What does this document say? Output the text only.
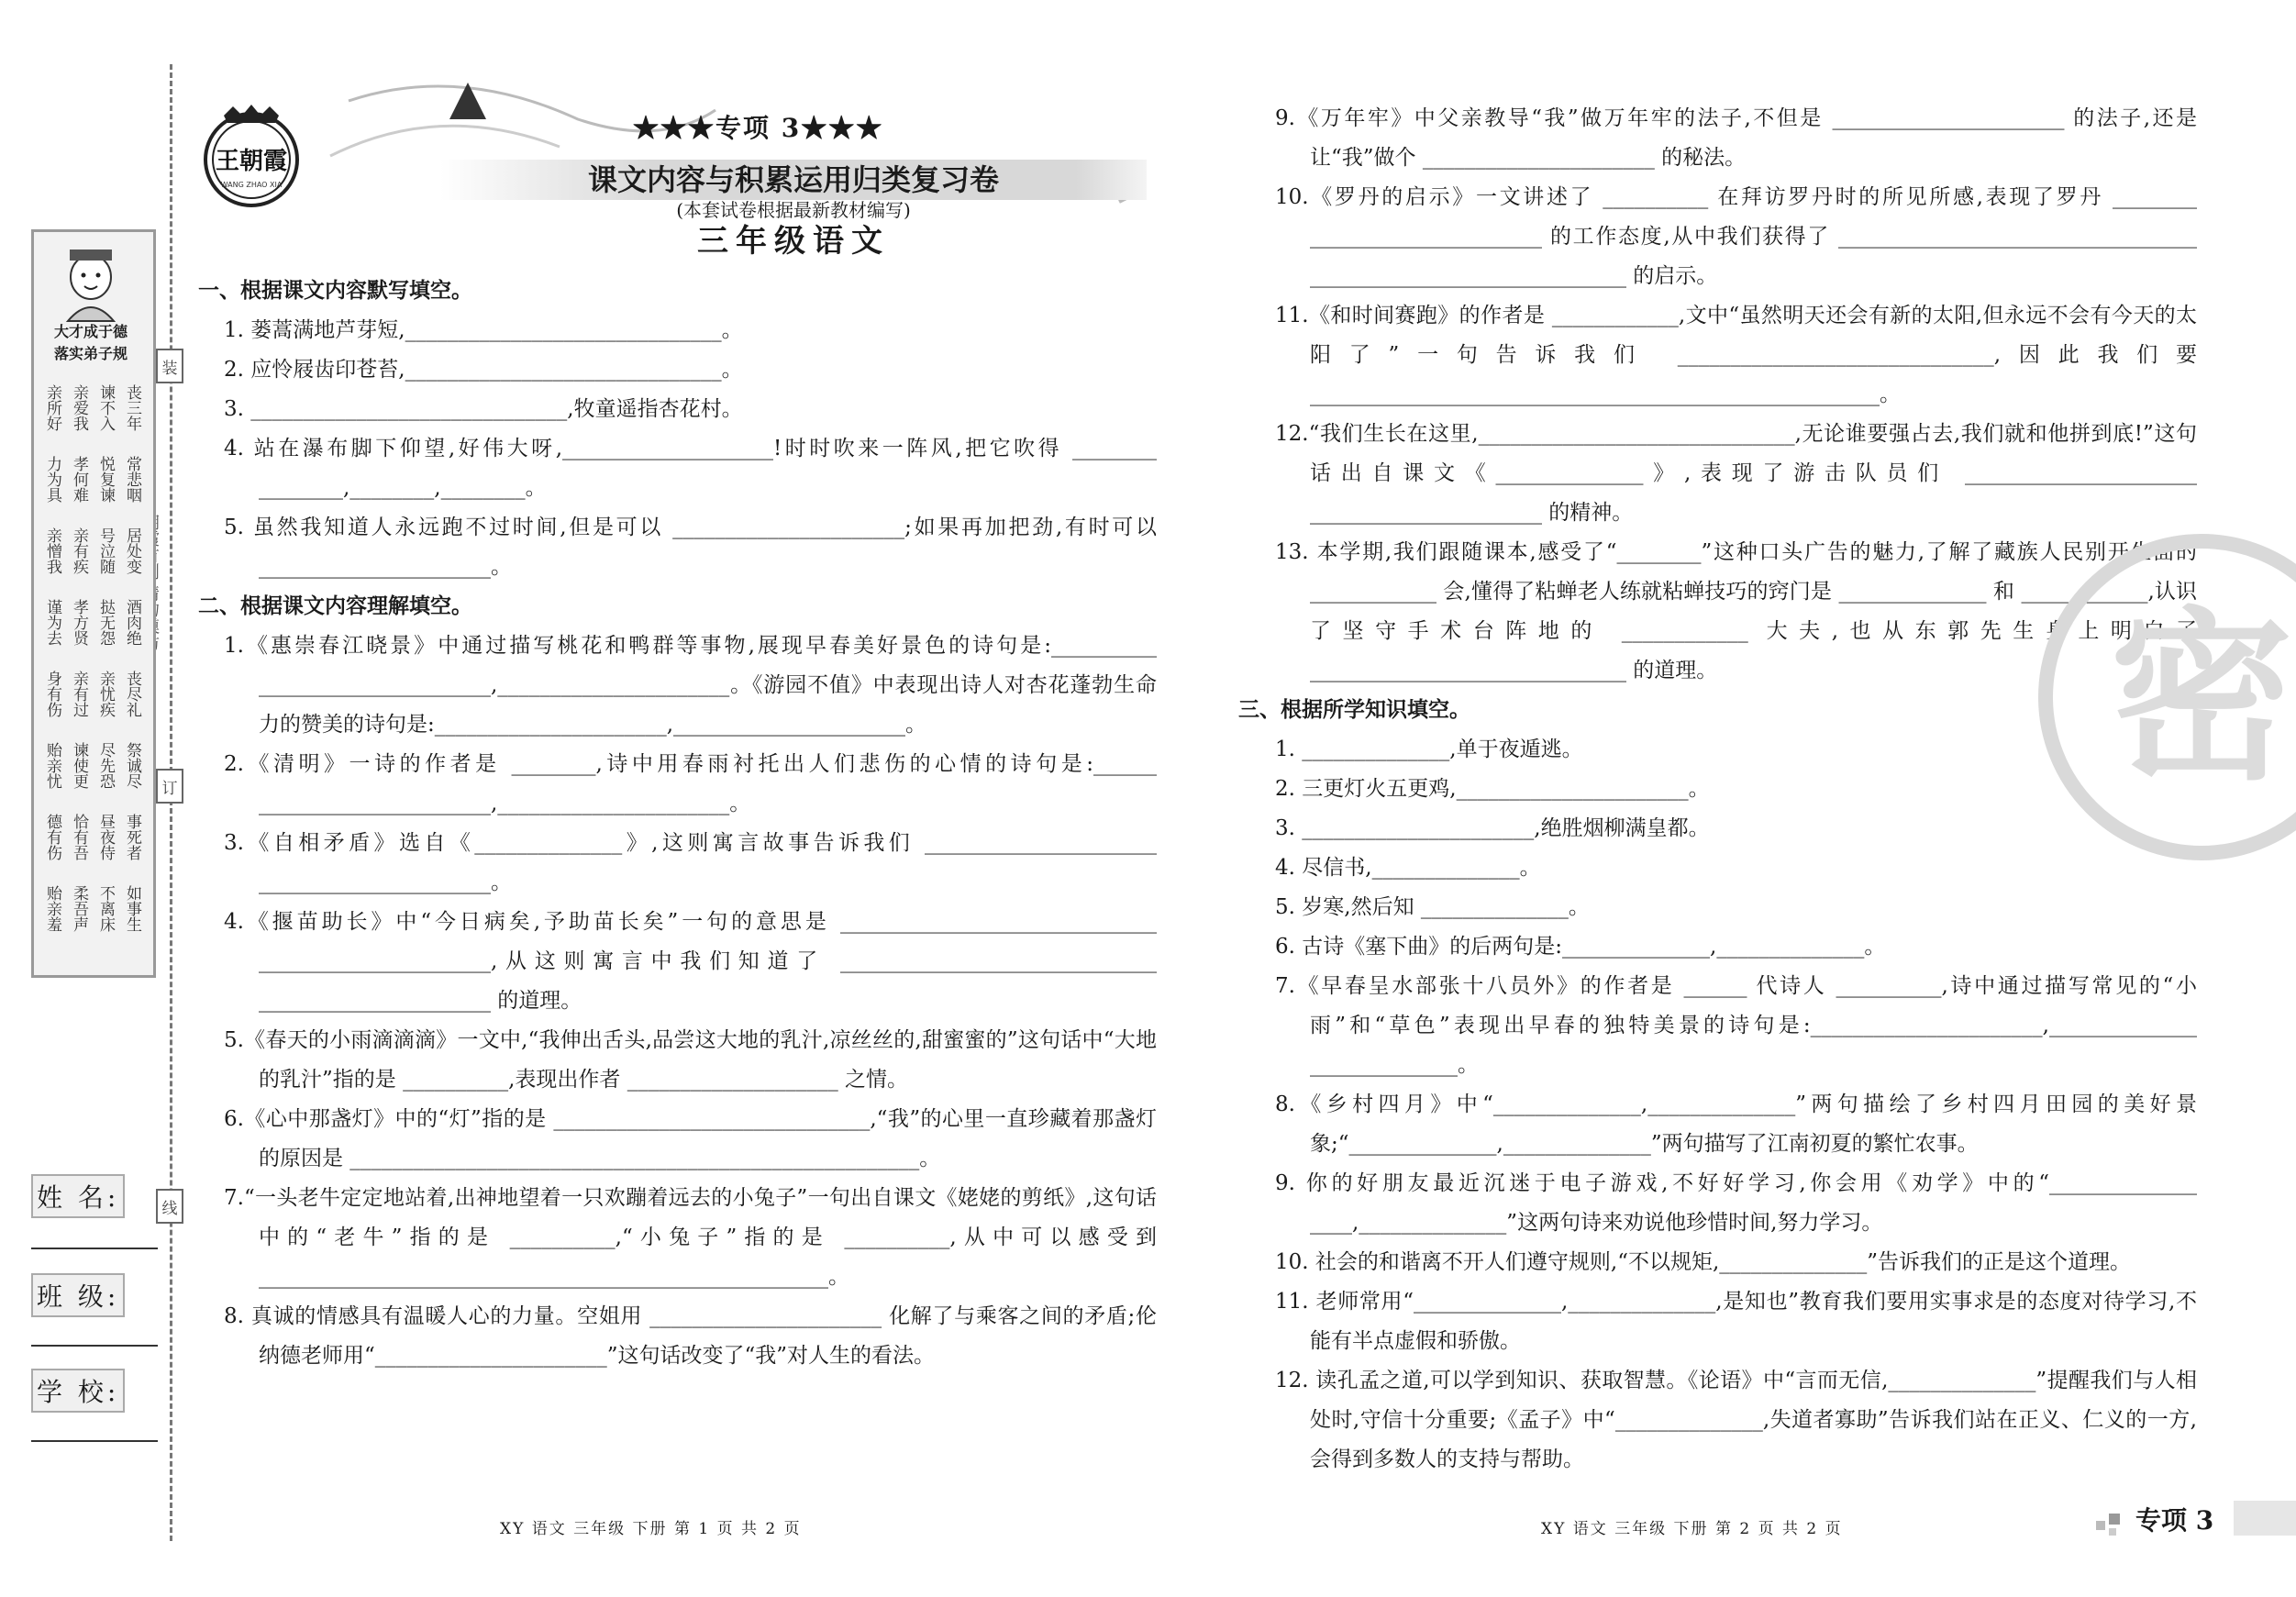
装
订
线
大才成于德
落实弟子规
亲所好 亲爱我 谏不入 丧三年
力为具 孝何难 悦复谏 常悲咽
亲憎我 亲有疾 号泣随 居处变
谨为去 孝方贤 挞无怨 酒肉绝
身有伤 亲有过 亲忧疾 丧尽礼
贻亲忧 谏使更 尽先恐 祭诚尽
德有伤 恰有吾 昼夜侍 事死者
贻亲羞 柔吾声 不离床 如事生
姓 名:
班 级:
学 校:
王朝霞
WANG ZHAO XIA
★★★专项 3★★★
课文内容与积累运用归类复习卷
(本套试卷根据最新教材编写)
三年级语文
一、根据课文内容默写填空。
1. 蒌蒿满地芦芽短,______________________________。
2. 应怜屐齿印苍苔,______________________________。
3. ______________________________,牧童遥指杏花村。
4. 站在瀑布脚下仰望,好伟大呀,____________________!时时吹来一阵风,把它吹得 ________ ________,________,________。
5. 虽然我知道人永远跑不过时间,但是可以 ______________________;如果再加把劲,有时可以 ______________________。
二、根据课文内容理解填空。
1.《惠崇春江晓景》中通过描写桃花和鸭群等事物,展现早春美好景色的诗句是:__________ ______________________,______________________。《游园不值》中表现出诗人对杏花蓬勃生命力的赞美的诗句是:______________________,______________________。
2.《清明》一诗的作者是 ________,诗中用春雨衬托出人们悲伤的心情的诗句是:______ ______________________,______________________。
3.《自相矛盾》选自《______________》,这则寓言故事告诉我们 ______________________ ______________________。
4.《揠苗助长》中“今日病矣,予助苗长矣”一句的意思是 ______________________________ ______________________,从这则寓言中我们知道了 ______________________________ ______________________ 的道理。
5.《春天的小雨滴滴滴》一文中,“我伸出舌头,品尝这大地的乳汁,凉丝丝的,甜蜜蜜的”这句话中“大地的乳汁”指的是 __________,表现出作者 ____________________ 之情。
6.《心中那盏灯》中的“灯”指的是 ______________________________,“我”的心里一直珍藏着那盏灯的原因是 ______________________________________________________。
7.“一头老牛定定地站着,出神地望着一只欢蹦着远去的小兔子”一句出自课文《姥姥的剪纸》,这句话中的“老牛”指的是 __________,“小兔子”指的是 __________,从中可以感受到 ______________________________________________________。
8. 真诚的情感具有温暖人心的力量。空姐用 ______________________ 化解了与乘客之间的矛盾;伦纳德老师用“______________________”这句话改变了“我”对人生的看法。
9.《万年牢》中父亲教导“我”做万年牢的法子,不但是 ______________________ 的法子,还是让“我”做个 ______________________ 的秘法。
10.《罗丹的启示》一文讲述了 __________ 在拜访罗丹时的所见所感,表现了罗丹 ________ ______________________ 的工作态度,从中我们获得了 __________________________________ ______________________________ 的启示。
11.《和时间赛跑》的作者是 ____________,文中“虽然明天还会有新的太阳,但永远不会有今天的太阳了”一句告诉我们 ______________________________,因此我们要 ______________________________________________________。
12.“我们生长在这里,______________________________,无论谁要强占去,我们就和他拼到底!”这句话出自课文《______________》,表现了游击队员们 ______________________ ______________________ 的精神。
13. 本学期,我们跟随课本,感受了“________”这种口头广告的魅力,了解了藏族人民别开生面的 ____________ 会,懂得了粘蝉老人练就粘蝉技巧的窍门是 ______________ 和 ____________,认识了坚守手术台阵地的 ____________ 大夫,也从东郭先生身上明白了 ______________________________ 的道理。
三、根据所学知识填空。
1. ______________,单于夜遁逃。
2. 三更灯火五更鸡,______________________。
3. ______________________,绝胜烟柳满皇都。
4. 尽信书,______________。
5. 岁寒,然后知 ______________。
6. 古诗《塞下曲》的后两句是:______________,______________。
7.《早春呈水部张十八员外》的作者是 ______ 代诗人 __________,诗中通过描写常见的“小雨”和“草色”表现出早春的独特美景的诗句是:______________________,______________ ______________。
8.《乡村四月》中“______________,______________”两句描绘了乡村四月田园的美好景象;“______________,______________”两句描写了江南初夏的繁忙农事。
9. 你的好朋友最近沉迷于电子游戏,不好好学习,你会用《劝学》中的“______________ ____,______________”这两句诗来劝说他珍惜时间,努力学习。
10. 社会的和谐离不开人们遵守规则,“不以规矩,______________”告诉我们的正是这个道理。
11. 老师常用“______________,______________,是知也”教育我们要用实事求是的态度对待学习,不能有半点虚假和骄傲。
12. 读孔孟之道,可以学到知识、获取智慧。《论语》中“言而无信,______________”提醒我们与人相处时,守信十分重要;《孟子》中“______________,失道者寡助”告诉我们站在正义、仁义的一方,会得到多数人的支持与帮助。
密
XY 语文 三年级 下册 第 1 页 共 2 页	XY 语文 三年级 下册 第 2 页 共 2 页	专项 3
